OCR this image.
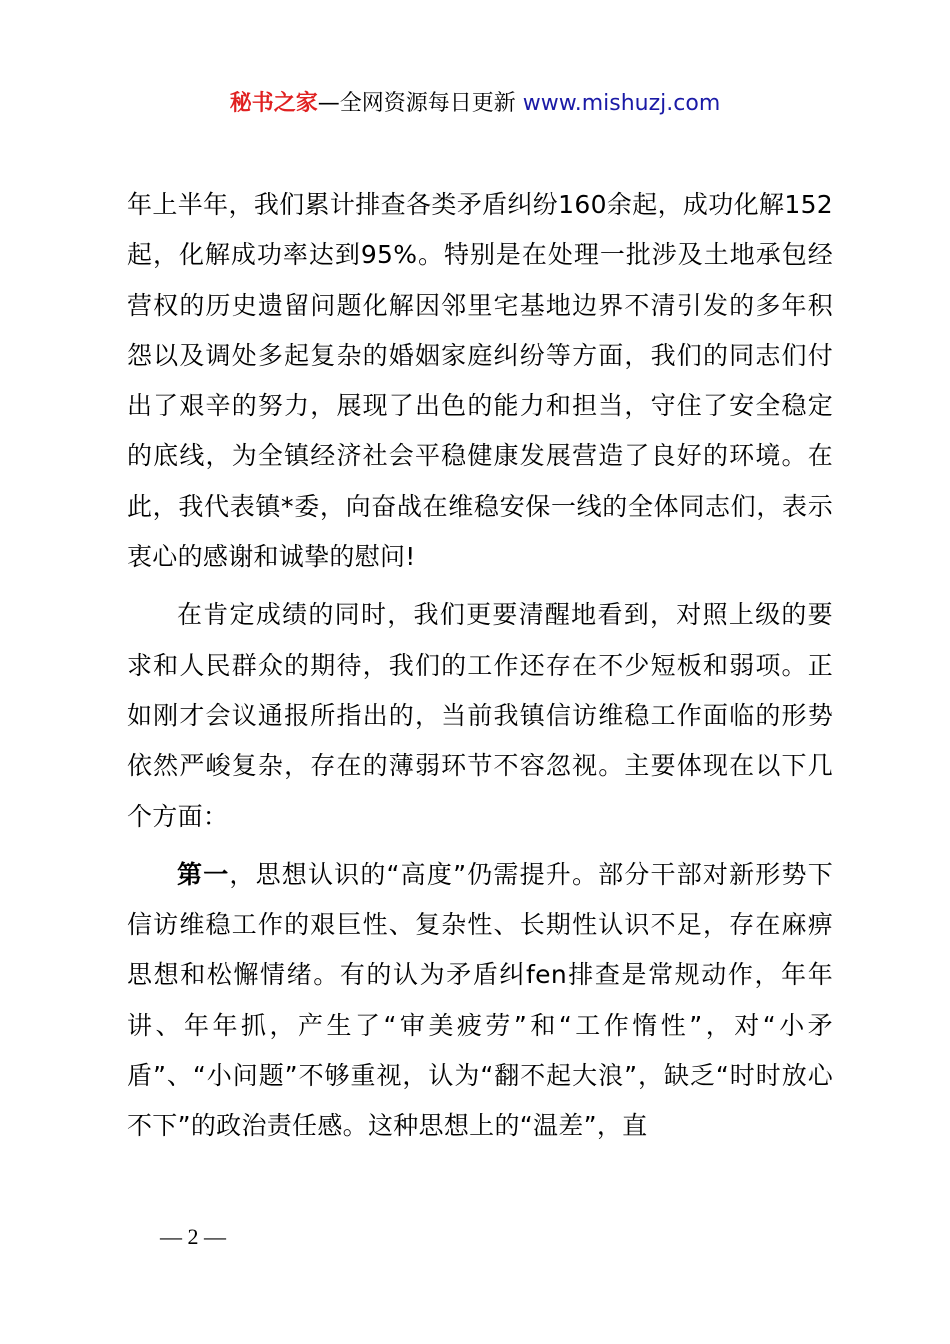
秘书之家—全网资源每日更新 www.mishuzj.com

年上半年，我们累计排查各类矛盾纠纷160余起，成功化解152起，化解成功率达到95%。特别是在处理一批涉及土地承包经营权的历史遗留问题化解因邻里宅基地边界不清引发的多年积怨以及调处多起复杂的婚姻家庭纠纷等方面，我们的同志们付出了艰辛的努力，展现了出色的能力和担当，守住了安全稳定的底线，为全镇经济社会平稳健康发展营造了良好的环境。在此，我代表镇*委，向奋战在维稳安保一线的全体同志们，表示衷心的感谢和诚挚的慰问!

在肯定成绩的同时，我们更要清醒地看到，对照上级的要求和人民群众的期待，我们的工作还存在不少短板和弱项。正如刚才会议通报所指出的，当前我镇信访维稳工作面临的形势依然严峻复杂，存在的薄弱环节不容忽视。主要体现在以下几个方面：

第一，思想认识的“高度”仍需提升。部分干部对新形势下信访维稳工作的艰巨性、复杂性、长期性认识不足，存在麻痹思想和松懈情绪。有的认为矛盾纠fen排查是常规动作，年年讲、年年抓，产生了“审美疲劳”和“工作惰性”，对“小矛盾”、“小问题”不够重视，认为“翻不起大浪”，缺乏“时时放心不下”的政治责任感。这种思想上的“温差”，直

— 2 —
